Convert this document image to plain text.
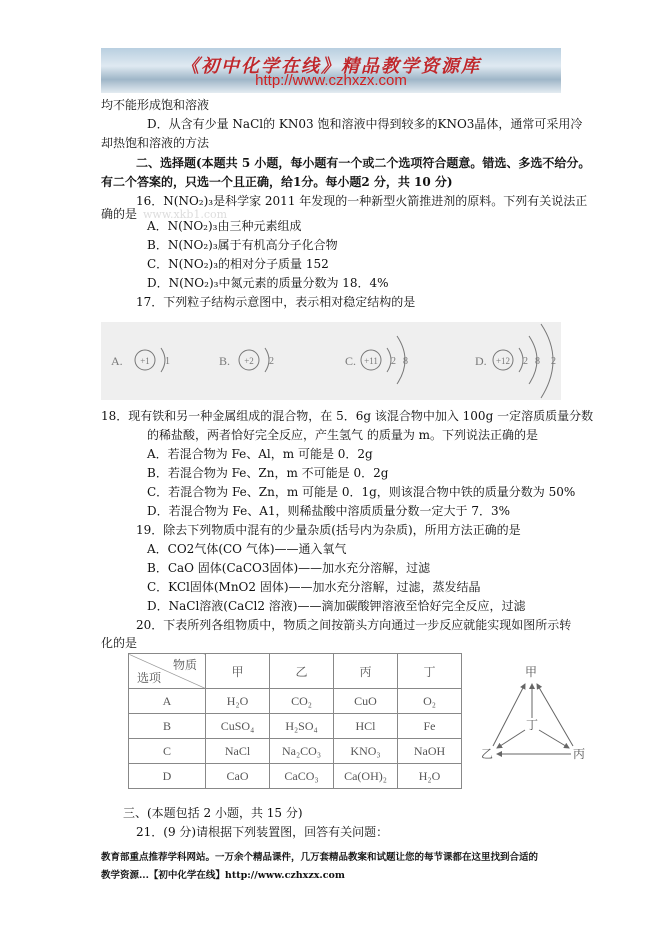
《初中化学在线》精品教学资源库
http://www.czhxzx.com
均不能形成饱和溶液
D．从含有少量 NaCl的 KN03 饱和溶液中得到较多的KNO3晶体，通常可采用冷
却热饱和溶液的方法
二、选择题(本题共 5 小题，每小题有一个或二个选项符合题意。错选、多选不给分。
有二个答案的，只选一个且正确，给1分。每小题2 分，共 10 分)
16．N(NO₂)₃是科学家 2011 年发现的一种新型火箭推进剂的原料。下列有关说法正
确的是 www.xkb1.com
A．N(NO₂)₃由三种元素组成
B．N(NO₂)₃属于有机高分子化合物
C．N(NO₂)₃的相对分子质量 152
D．N(NO₂)₃中氮元素的质量分数为 18．4%
17．下列粒子结构示意图中，表示相对稳定结构的是
A. +1 1	B. +2 2	C. +11 2 8	D. +12 2 8 2
18．现有铁和另一种金属组成的混合物，在 5．6g 该混合物中加入 100g 一定溶质质量分数
的稀盐酸，两者恰好完全反应，产生氢气 的质量为 m。下列说法正确的是
A．若混合物为 Fe、Al，m 可能是 0．2g
B．若混合物为 Fe、Zn，m 不可能是 0．2g
C．若混合物为 Fe、Zn，m 可能是 0．1g，则该混合物中铁的质量分数为 50%
D．若混合物为 Fe、A1，则稀盐酸中溶质质量分数一定大于 7．3%
19．除去下列物质中混有的少量杂质(括号内为杂质)，所用方法正确的是
A．CO2气体(CO 气体)——通入氧气
B．CaO 固体(CaCO3固体)——加水充分溶解，过滤
C．KCl固体(MnO2 固体)——加水充分溶解，过滤，蒸发结晶
D．NaCl溶液(CaCl2 溶液)——滴加碳酸钾溶液至恰好完全反应，过滤
20．下表所列各组物质中，物质之间按箭头方向通过一步反应就能实现如图所示转
化的是
物质
选项	甲	乙	丙	丁
A	H₂O	CO₂	CuO	O₂
B	CuSO₄	H₂SO₄	HCl	Fe
C	NaCl	Na₂CO₃	KNO₃	NaOH
D	CaO	CaCO₃	Ca(OH)₂	H₂O
甲
乙	丙
丁
三、(本题包括 2 小题，共 15 分)
21．(9 分)请根据下列装置图，回答有关问题：
教育部重点推荐学科网站。一万余个精品课件，几万套精品教案和试题让您的每节课都在这里找到合适的
教学资源...【初中化学在线】http://www.czhxzx.com
